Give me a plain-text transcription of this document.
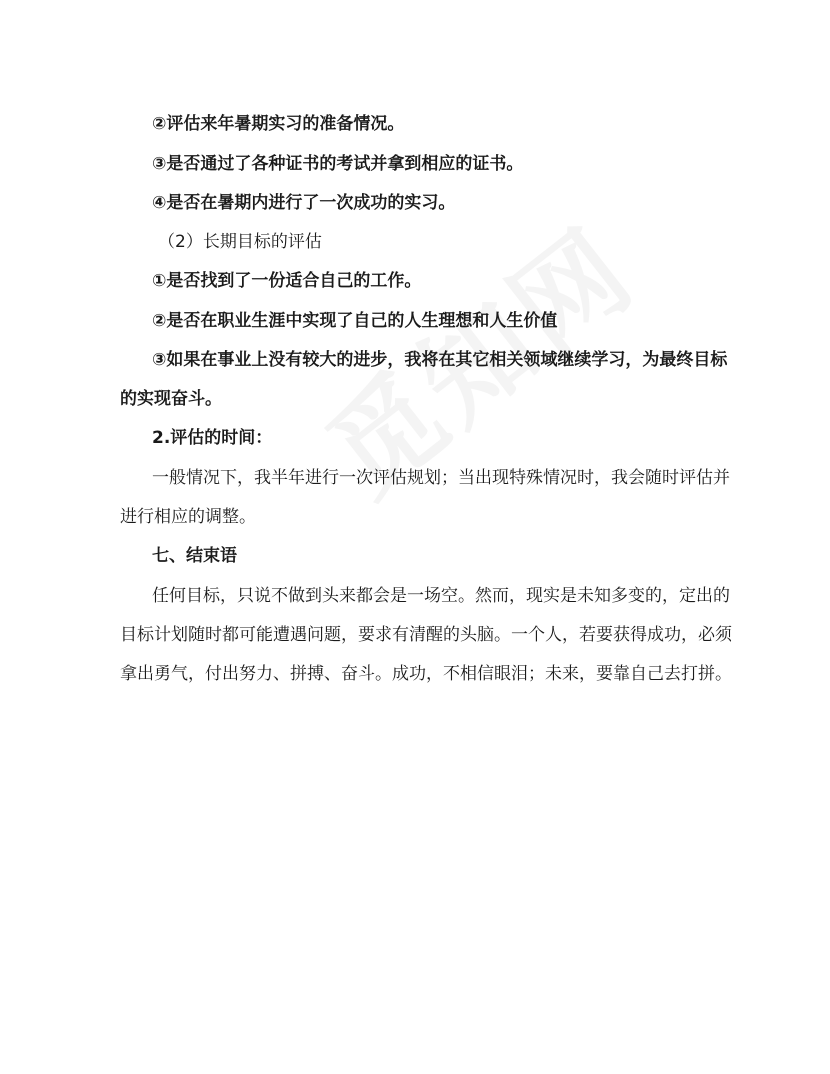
②评估来年暑期实习的准备情况。
③是否通过了各种证书的考试并拿到相应的证书。
④是否在暑期内进行了一次成功的实习。
（2）长期目标的评估
①是否找到了一份适合自己的工作。
②是否在职业生涯中实现了自己的人生理想和人生价值
③如果在事业上没有较大的进步，我将在其它相关领域继续学习，为最终目标
的实现奋斗。
2.评估的时间：
一般情况下，我半年进行一次评估规划；当出现特殊情况时，我会随时评估并
进行相应的调整。
七、结束语
任何目标，只说不做到头来都会是一场空。然而，现实是未知多变的，定出的
目标计划随时都可能遭遇问题，要求有清醒的头脑。一个人，若要获得成功，必须
拿出勇气，付出努力、拼搏、奋斗。成功，不相信眼泪；未来，要靠自己去打拼。
